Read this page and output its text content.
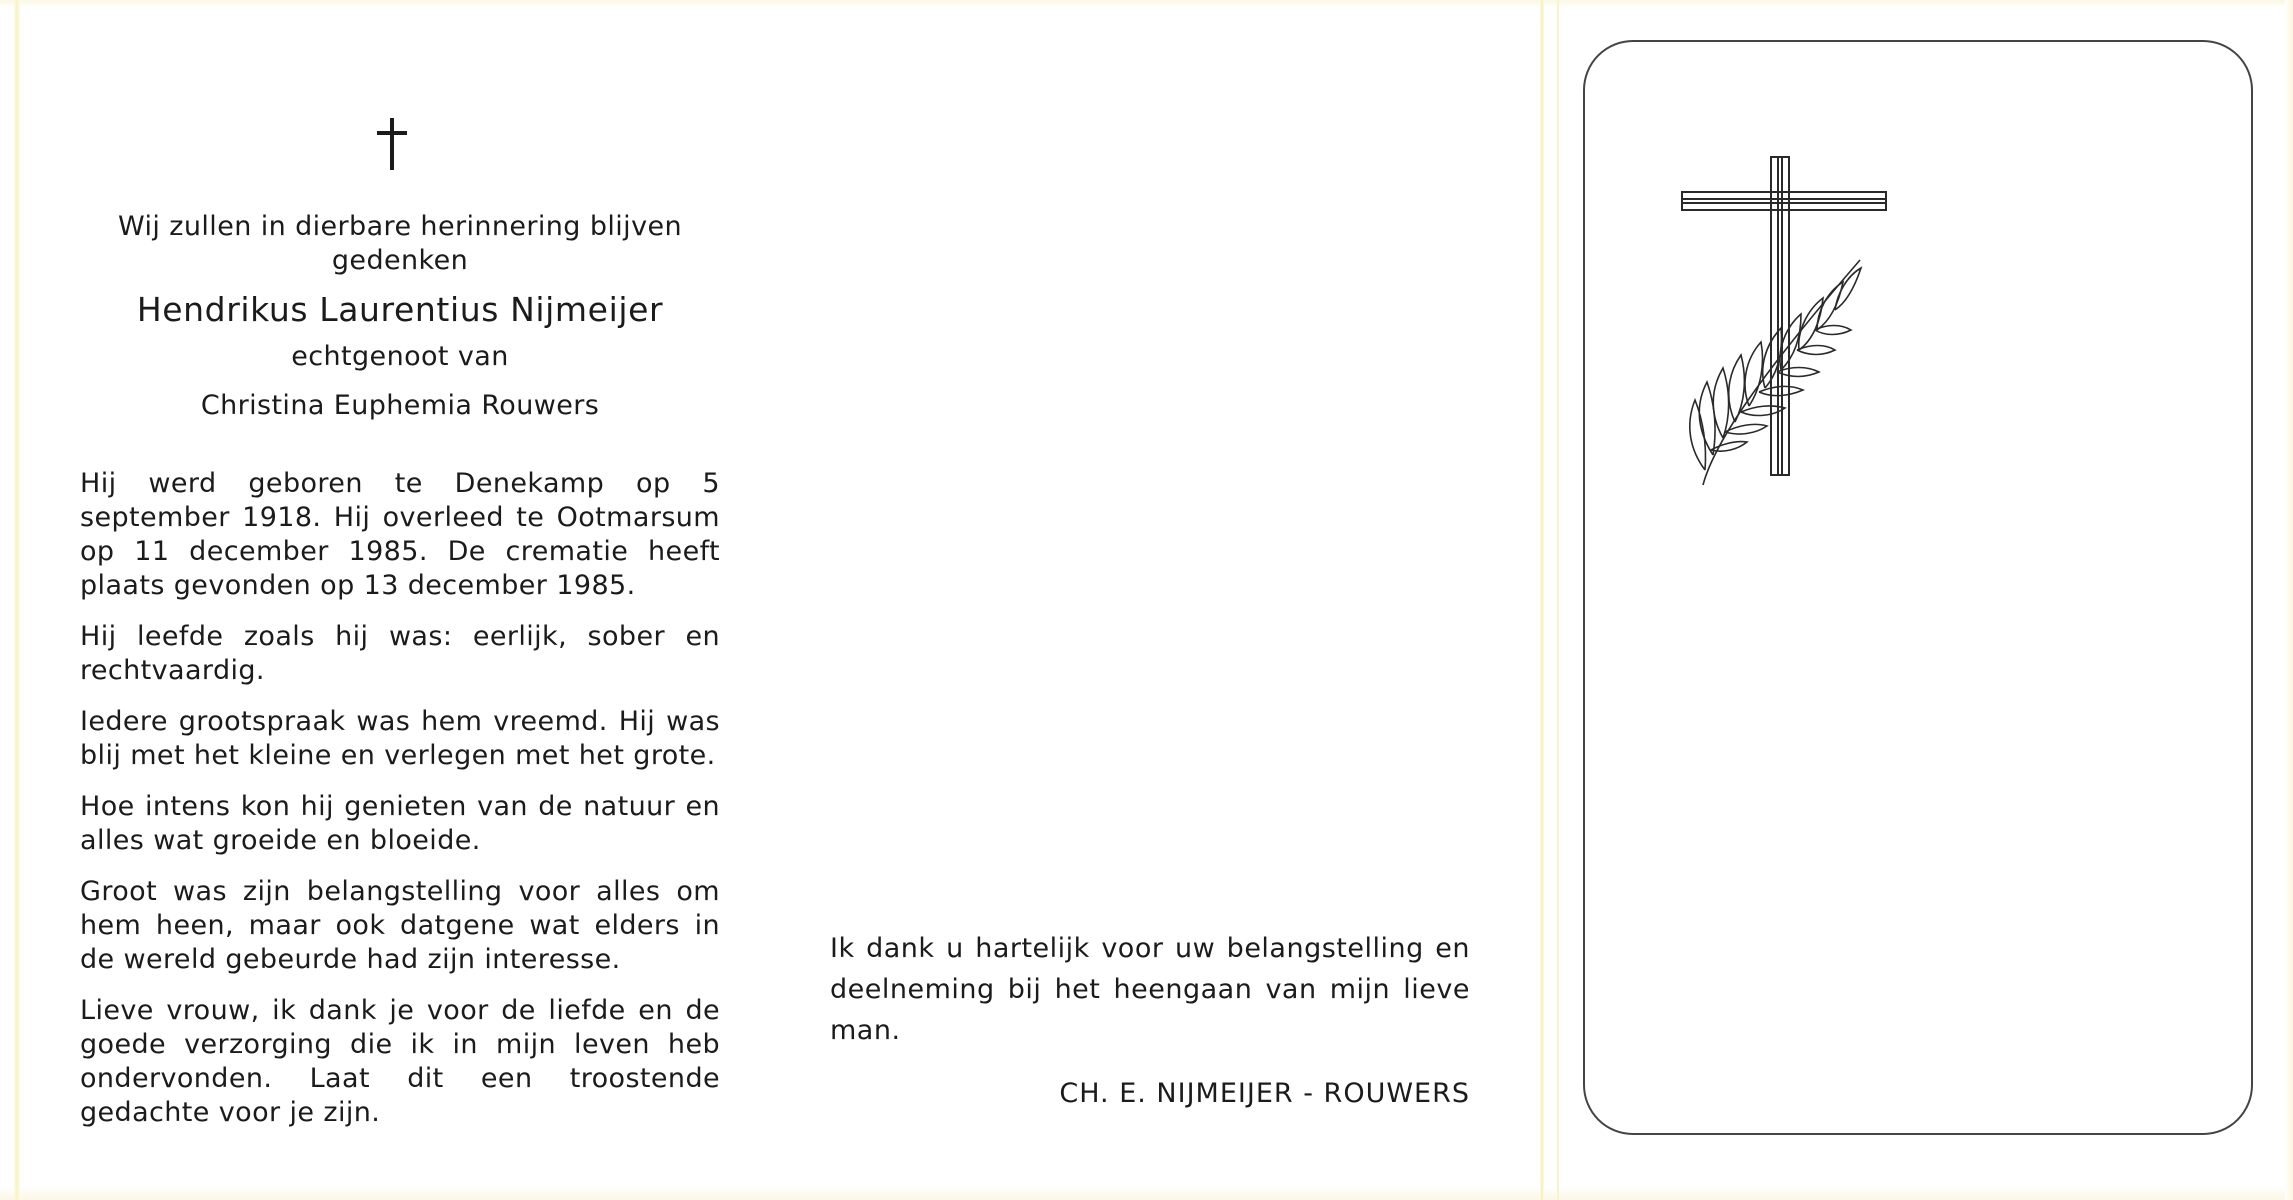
Wij zullen in dierbare herinnering blijven gedenken
Hendrikus Laurentius Nijmeijer
echtgenoot van
Christina Euphemia Rouwers
Hij werd geboren te Denekamp op 5 september 1918. Hij overleed te Ootmarsum op 11 december 1985. De crematie heeft plaats gevonden op 13 december 1985.
Hij leefde zoals hij was: eerlijk, sober en rechtvaardig.
Iedere grootspraak was hem vreemd. Hij was blij met het kleine en verlegen met het grote.
Hoe intens kon hij genieten van de natuur en alles wat groeide en bloeide.
Groot was zijn belangstelling voor alles om hem heen, maar ook datgene wat elders in de wereld gebeurde had zijn interesse.
Lieve vrouw, ik dank je voor de liefde en de goede verzorging die ik in mijn leven heb ondervonden. Laat dit een troostende gedachte voor je zijn.
Ik dank u hartelijk voor uw belangstelling en deelneming bij het heengaan van mijn lieve man.
CH. E. NIJMEIJER - ROUWERS
